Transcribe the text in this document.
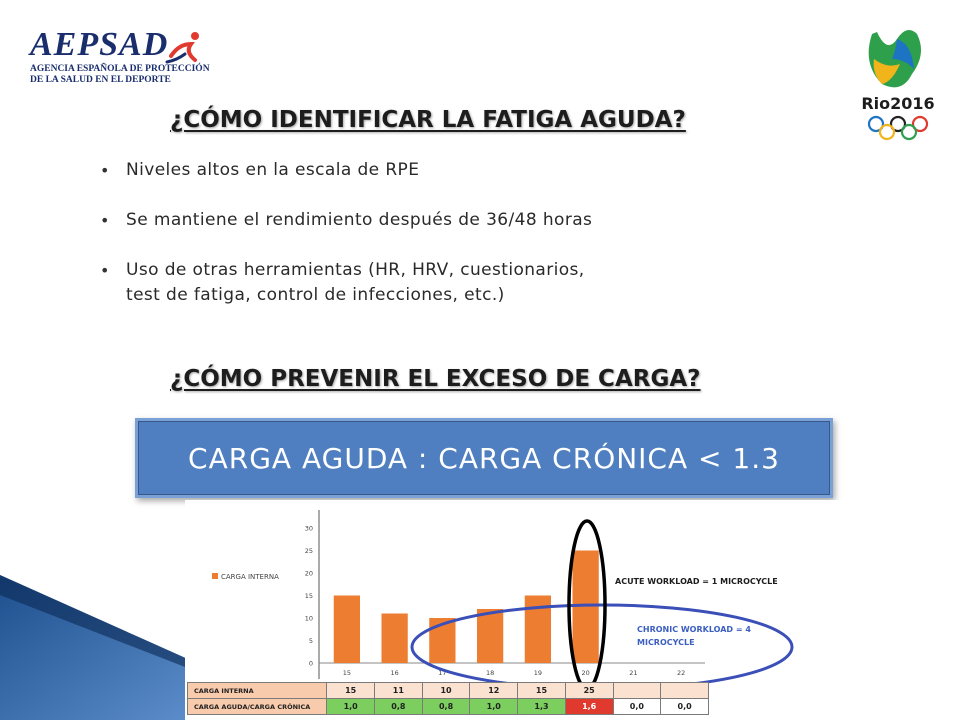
AEPSAD
AGENCIA ESPAÑOLA DE PROTECCIÓN
DE LA SALUD EN EL DEPORTE
Rio2016
¿CÓMO IDENTIFICAR LA FATIGA AGUDA?
• Niveles altos en la escala de RPE
• Se mantiene el rendimiento después de 36/48 horas
• Uso de otras herramientas (HR, HRV, cuestionarios,
test de fatiga, control de infecciones, etc.)
¿CÓMO PREVENIR EL EXCESO DE CARGA?
CARGA AGUDA : CARGA CRÓNICA < 1.3
0
5
10
15
20
25
30
15	16	17	18	19	20	21	22
CARGA INTERNA	ACUTE WORKLOAD = 1 MICROCYCLE
CHRONIC WORKLOAD = 4
MICROCYCLE
CARGA INTERNA	15	11	10	12	15	25		
CARGA AGUDA/CARGA CRÓNICA	1,0	0,8	0,8	1,0	1,3	1,6	0,0	0,0
